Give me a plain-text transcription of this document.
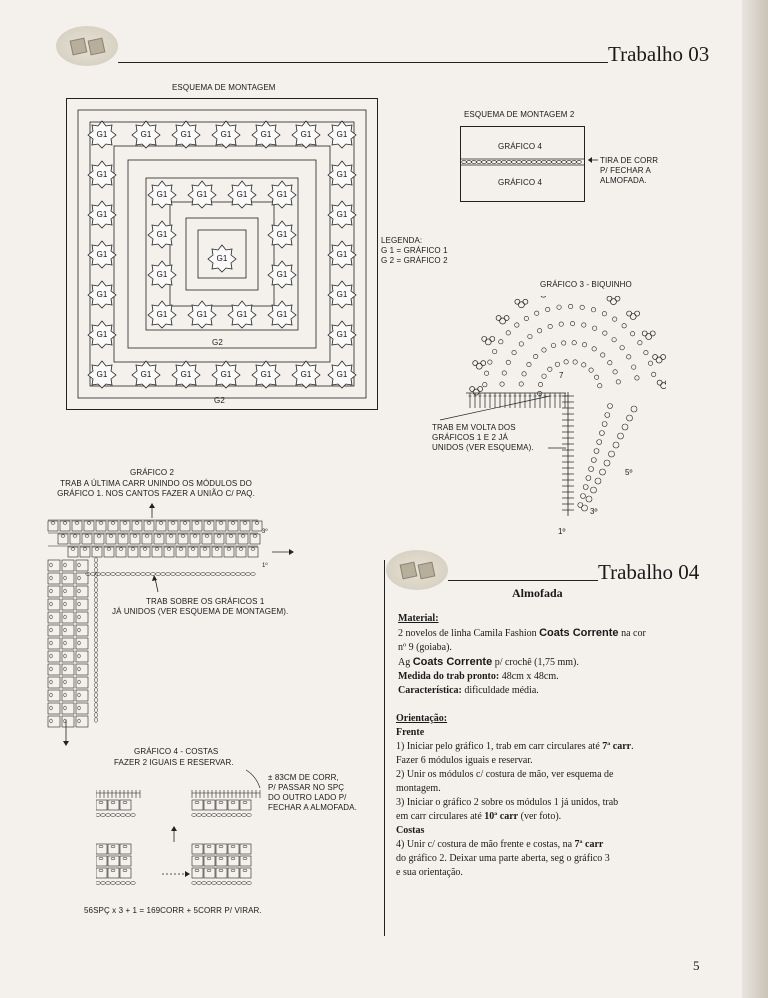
Trabalho 03
ESQUEMA DE MONTAGEM
G1
G1
G1
G1
G1
G1
G1
G1
G1
G1
G1
G1
G1
G1
G1	G1
G1	G1
G1	G1
G1	G1
G1	G1
G1
G1
G1
G1
G1
G1
G1
G1
G1	G1
G1	G1
G1
G2
G2
LEGENDA:
G 1 = GRÁFICO 1
G 2 = GRÁFICO 2
ESQUEMA DE MONTAGEM 2
GRÁFICO 4
GRÁFICO 4
TIRA DE CORR
P/ FECHAR A
ALMOFADA.
GRÁFICO 3 - BIQUINHO
7
5º
3º
1º
TRAB EM VOLTA DOS
GRÁFICOS 1 E 2 JÁ
UNIDOS (VER ESQUEMA).
GRÁFICO 2
TRAB A ÚLTIMA CARR UNINDO OS MÓDULOS DO
GRÁFICO 1. NOS CANTOS FAZER A UNIÃO C/ PAQ.
3º
1º
TRAB SOBRE OS GRÁFICOS 1
JÁ UNIDOS (VER ESQUEMA DE MONTAGEM).
GRÁFICO 4 - COSTAS
FAZER 2 IGUAIS E RESERVAR.
± 83CM DE CORR,
P/ PASSAR NO SPÇ
DO OUTRO LADO P/
FECHAR A ALMOFADA.
56SPÇ x 3 + 1 = 169CORR + 5CORR P/ VIRAR.
Trabalho 04
Almofada
Material:
2 novelos de linha Camila Fashion Coats Corrente na cor
nº 9 (goiaba).
Ag Coats Corrente p/ crochê (1,75 mm).
Medida do trab pronto: 48cm x 48cm.
Característica: dificuldade média.
Orientação:
Frente
1) Iniciar pelo gráfico 1, trab em carr circulares até 7ª carr.
Fazer 6 módulos iguais e reservar.
2) Unir os módulos c/ costura de mão, ver esquema de
montagem.
3) Iniciar o gráfico 2 sobre os módulos 1 já unidos, trab
em carr circulares até 10ª carr (ver foto).
Costas
4) Unir c/ costura de mão frente e costas, na 7ª carr
do gráfico 2. Deixar uma parte aberta, seg o gráfico 3
e sua orientação.
5
